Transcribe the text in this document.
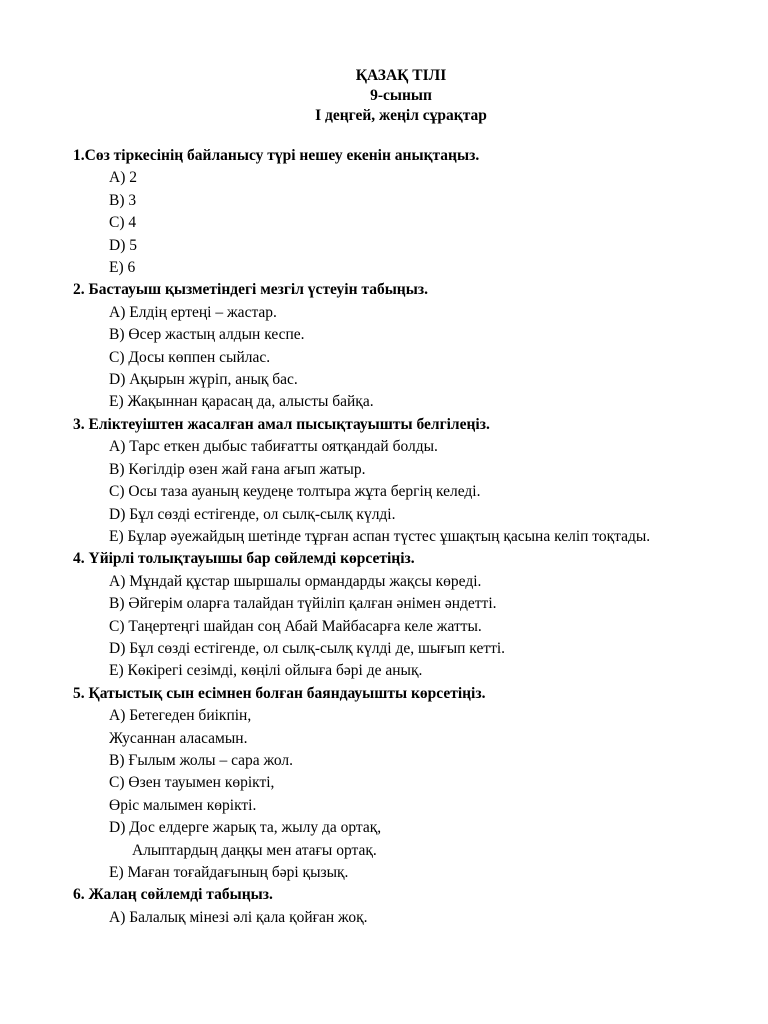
ҚАЗАҚ ТІЛІ
9-сынып
І деңгей, жеңіл сұрақтар
1.Сөз тіркесінің байланысу түрі нешеу екенін анықтаңыз.
А) 2
В) 3
С) 4
D) 5
Е) 6
2. Бастауыш қызметіндегі мезгіл үстеуін табыңыз.
А) Елдің ертеңі – жастар.
В) Өсер жастың алдын кеспе.
С) Досы көппен сыйлас.
D) Ақырын жүріп, анық бас.
Е) Жақыннан қарасаң да, алысты байқа.
3. Еліктеуіштен жасалған амал пысықтауышты белгілеңіз.
А) Тарс еткен дыбыс табиғатты оятқандай болды.
В) Көгілдір өзен жай ғана ағып жатыр.
С) Осы таза ауаның кеудеңе толтыра жұта бергің келеді.
D) Бұл сөзді естігенде, ол сылқ-сылқ күлді.
Е) Бұлар әуежайдың шетінде тұрған аспан түстес ұшақтың қасына келіп тоқтады.
4. Үйірлі толықтауышы бар сөйлемді көрсетіңіз.
А) Мұндай құстар шыршалы ормандарды жақсы көреді.
В) Әйгерім оларға талайдан түйіліп қалған әнімен әндетті.
С) Таңертеңгі шайдан соң Абай Майбасарға келе жатты.
D) Бұл сөзді естігенде, ол сылқ-сылқ күлді де, шығып кетті.
Е) Көкірегі сезімді, көңілі ойлыға бәрі де анық.
5. Қатыстық сын есімнен болған баяндауышты көрсетіңіз.
А) Бетегеден биікпін,
Жусаннан аласамын.
В) Ғылым жолы – сара жол.
С) Өзен тауымен көрікті,
Өріс малымен көрікті.
D) Дос елдерге жарық та, жылу да ортақ,
Алыптардың даңқы мен атағы ортақ.
Е) Маған тоғайдағының бәрі қызық.
6. Жалаң сөйлемді табыңыз.
А) Балалық мінезі әлі қала қойған жоқ.
